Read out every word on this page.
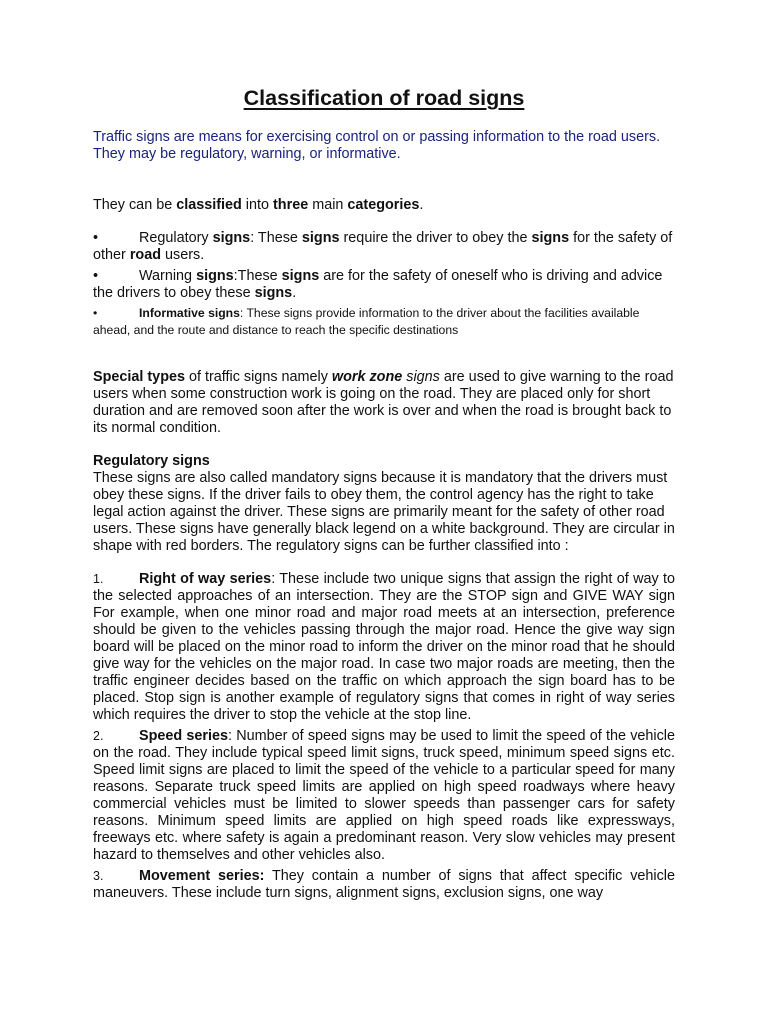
Classification of road signs
Traffic signs are means for exercising control on or passing information to the road users. They may be regulatory, warning, or informative.
They can be classified into three main categories.
•	Regulatory signs: These signs require the driver to obey the signs for the safety of other road users.
•	Warning signs:These signs are for the safety of oneself who is driving and advice the drivers to obey these signs.
•	Informative signs: These signs provide information to the driver about the facilities available ahead, and the route and distance to reach the specific destinations
Special types of traffic signs namely work zone signs are used to give warning to the road users when some construction work is going on the road. They are placed only for short duration and are removed soon after the work is over and when the road is brought back to its normal condition.
Regulatory signs
These signs are also called mandatory signs because it is mandatory that the drivers must obey these signs. If the driver fails to obey them, the control agency has the right to take legal action against the driver. These signs are primarily meant for the safety of other road users. These signs have generally black legend on a white background. They are circular in shape with red borders. The regulatory signs can be further classified into :
1. Right of way series: These include two unique signs that assign the right of way to the selected approaches of an intersection. They are the STOP sign and GIVE WAY sign For example, when one minor road and major road meets at an intersection, preference should be given to the vehicles passing through the major road. Hence the give way sign board will be placed on the minor road to inform the driver on the minor road that he should give way for the vehicles on the major road. In case two major roads are meeting, then the traffic engineer decides based on the traffic on which approach the sign board has to be placed. Stop sign is another example of regulatory signs that comes in right of way series which requires the driver to stop the vehicle at the stop line.
2. Speed series: Number of speed signs may be used to limit the speed of the vehicle on the road. They include typical speed limit signs, truck speed, minimum speed signs etc. Speed limit signs are placed to limit the speed of the vehicle to a particular speed for many reasons. Separate truck speed limits are applied on high speed roadways where heavy commercial vehicles must be limited to slower speeds than passenger cars for safety reasons. Minimum speed limits are applied on high speed roads like expressways, freeways etc. where safety is again a predominant reason. Very slow vehicles may present hazard to themselves and other vehicles also.
3. Movement series: They contain a number of signs that affect specific vehicle maneuvers. These include turn signs, alignment signs, exclusion signs, one way
